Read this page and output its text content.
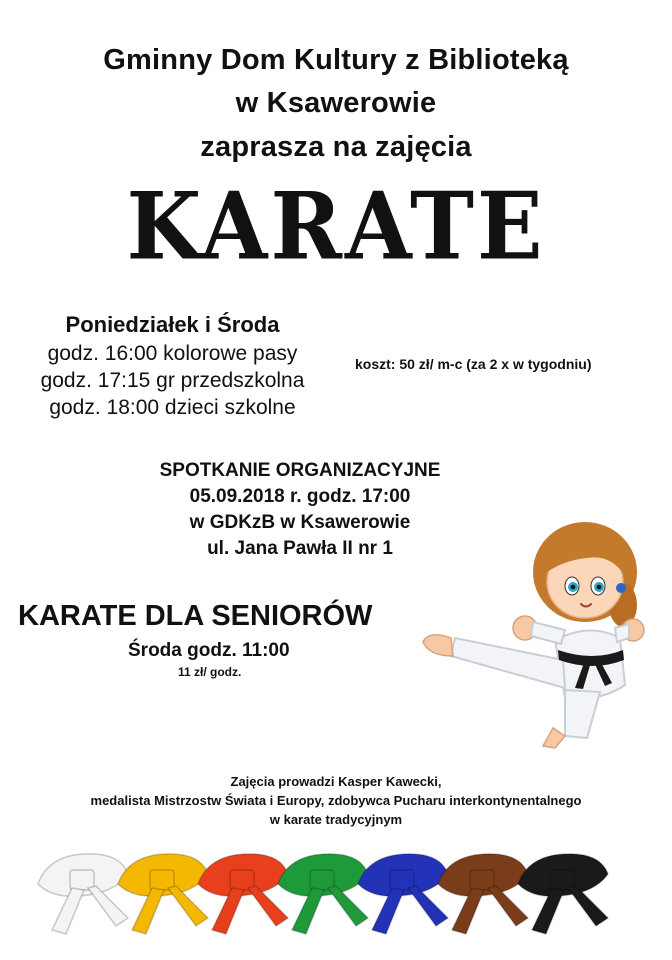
Gminny Dom Kultury z Biblioteką
w Ksawerowie
zaprasza na zajęcia
KARATE
Poniedziałek i Środa
godz. 16:00 kolorowe pasy
godz. 17:15 gr przedszkolna
godz. 18:00 dzieci szkolne
koszt: 50 zł/ m-c (za 2 x w tygodniu)
SPOTKANIE ORGANIZACYJNE
05.09.2018 r. godz. 17:00
w GDKzB w Ksawerowie
ul. Jana Pawła II nr 1
KARATE DLA SENIORÓW
Środa godz. 11:00
11 zł/ godz.
Zajęcia prowadzi Kasper Kawecki,
medalista Mistrzostw Świata i Europy, zdobywca Pucharu interkontynentalnego
w karate tradycyjnym
